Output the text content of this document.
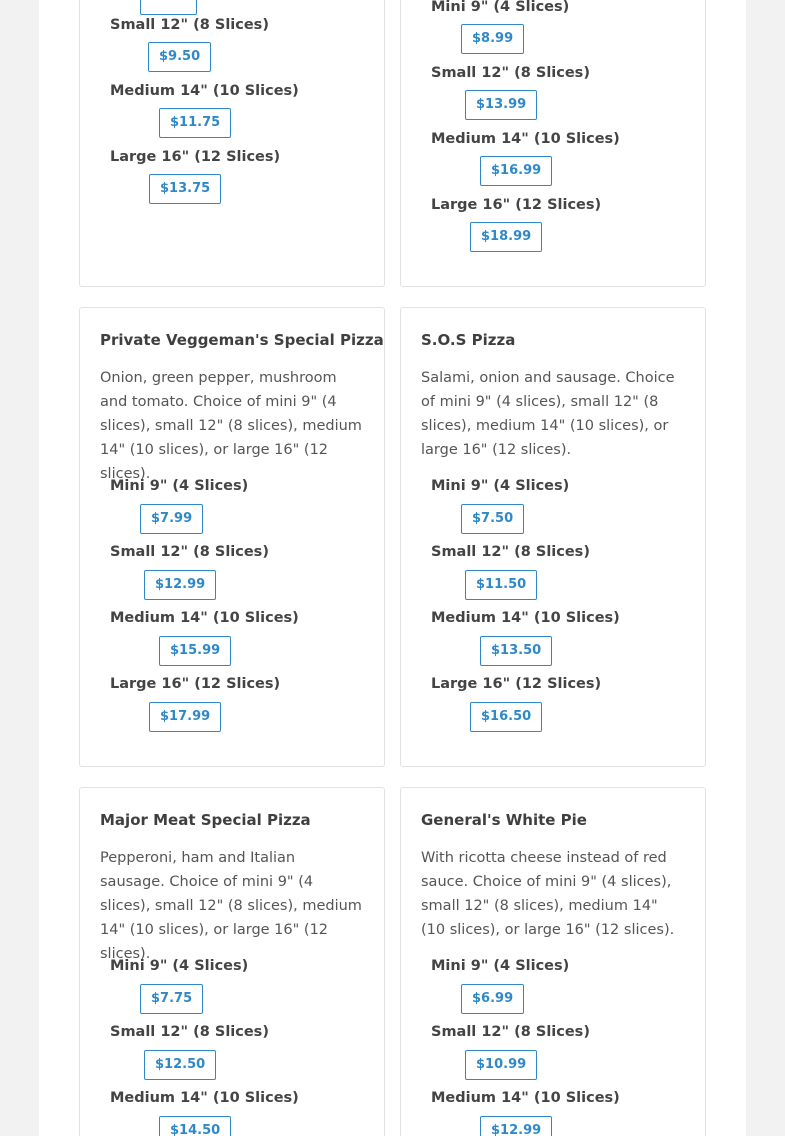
Small 12" (8 Slices)
$9.50
Medium 14" (10 Slices)
$11.75
Large 16" (12 Slices)
$13.75
Mini 9" (4 Slices)
$8.99
Small 12" (8 Slices)
$13.99
Medium 14" (10 Slices)
$16.99
Large 16" (12 Slices)
$18.99
Private Veggeman's Special Pizza
Onion, green pepper, mushroom and tomato. Choice of mini 9" (4 slices), small 12" (8 slices), medium 14" (10 slices), or large 16" (12 slices).
Mini 9" (4 Slices)
$7.99
Small 12" (8 Slices)
$12.99
Medium 14" (10 Slices)
$15.99
Large 16" (12 Slices)
$17.99
S.O.S Pizza
Salami, onion and sausage. Choice of mini 9" (4 slices), small 12" (8 slices), medium 14" (10 slices), or large 16" (12 slices).
Mini 9" (4 Slices)
$7.50
Small 12" (8 Slices)
$11.50
Medium 14" (10 Slices)
$13.50
Large 16" (12 Slices)
$16.50
Major Meat Special Pizza
Pepperoni, ham and Italian sausage. Choice of mini 9" (4 slices), small 12" (8 slices), medium 14" (10 slices), or large 16" (12 slices).
Mini 9" (4 Slices)
$7.75
Small 12" (8 Slices)
$12.50
Medium 14" (10 Slices)
$14.50
General's White Pie
With ricotta cheese instead of red sauce. Choice of mini 9" (4 slices), small 12" (8 slices), medium 14" (10 slices), or large 16" (12 slices).
Mini 9" (4 Slices)
$6.99
Small 12" (8 Slices)
$10.99
Medium 14" (10 Slices)
$12.99
